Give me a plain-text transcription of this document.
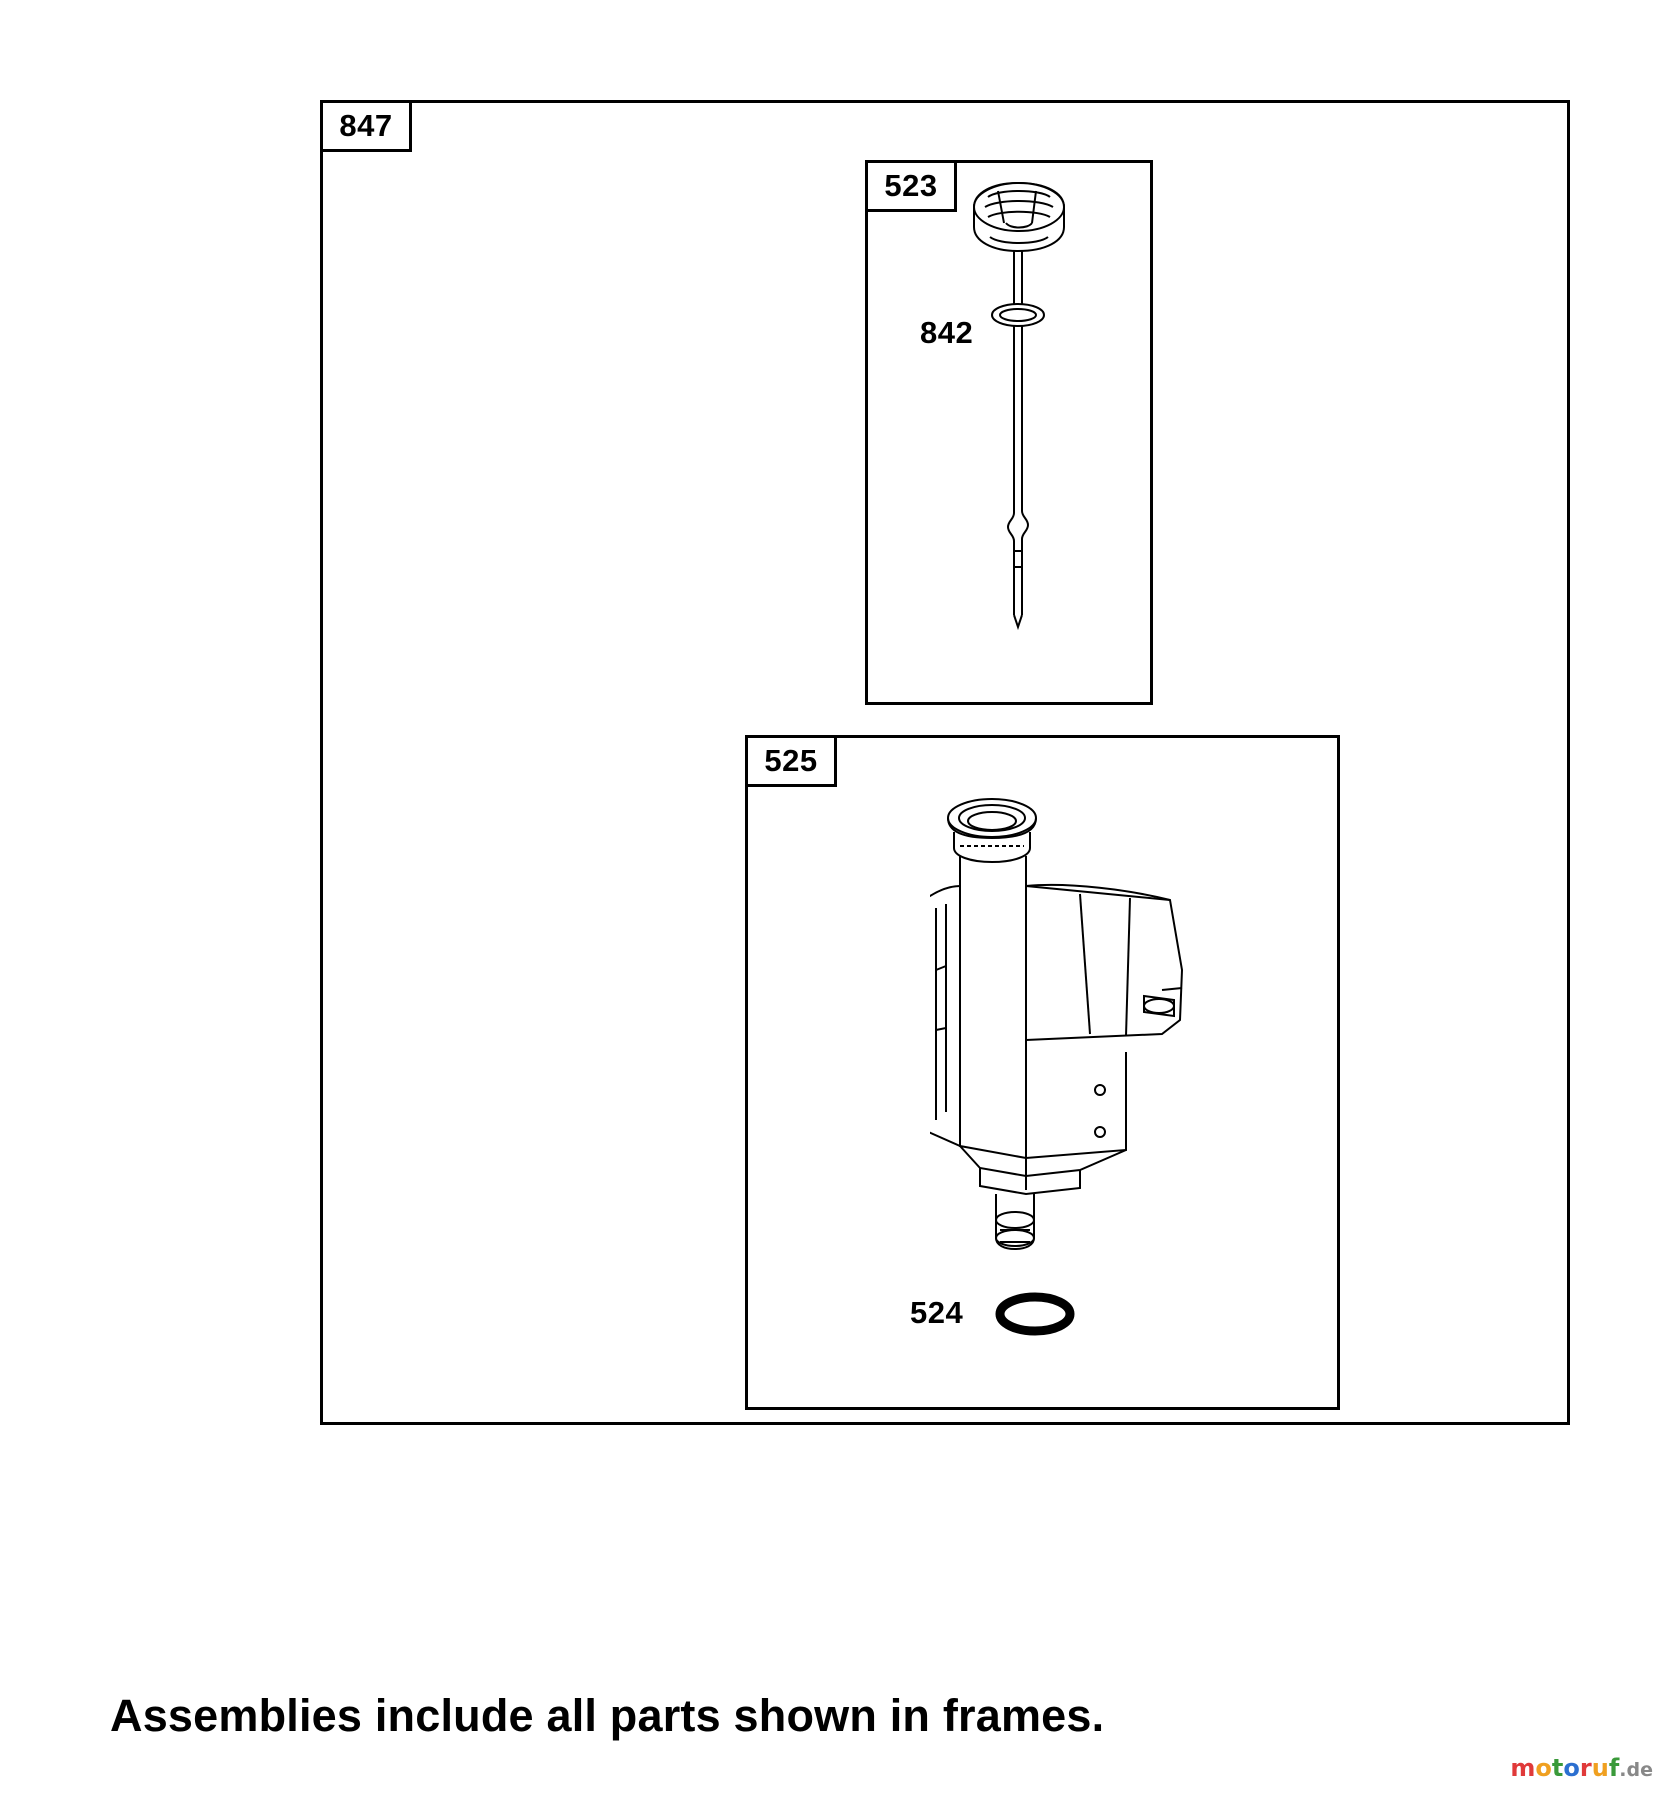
847
523
525
842
524
Assemblies include all parts shown in frames.
motoruf.de
